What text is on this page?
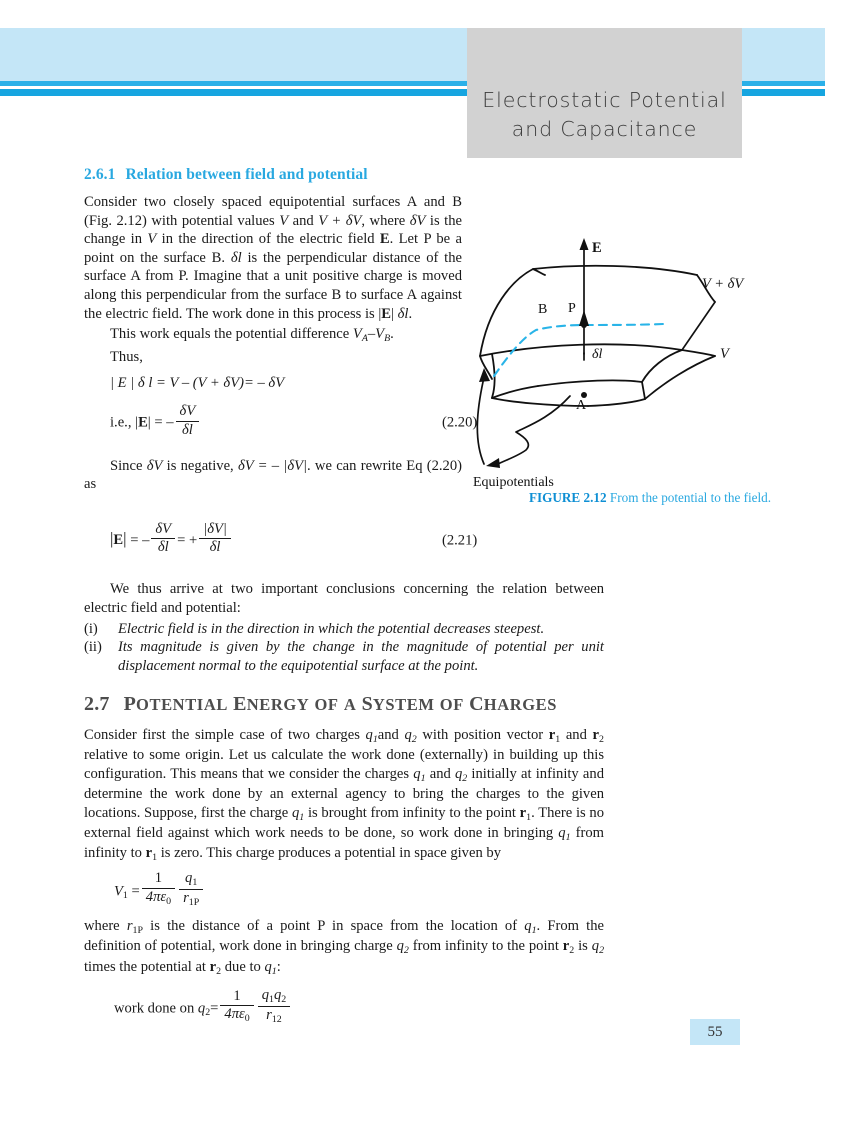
Electrostatic Potential
and Capacitance
2.6.1 Relation between field and potential

Consider two closely spaced equipotential surfaces A and B (Fig. 2.12) with potential values V and V + δV, where δV is the change in V in the direction of the electric field E. Let P be a point on the surface B. δl is the perpendicular distance of the surface A from P. Imagine that a unit positive charge is moved along this perpendicular from the surface B to surface A against the electric field. The work done in this process is |E| δl.

This work equals the potential difference $V_A-V_B$.

Thus,

| E | δ l = V – (V + δV)= – δV
i.e., |E| = – $\frac{\delta V}{\delta l}$	(2.20)

Since δV is negative, δV = – |δV|. we can rewrite Eq (2.20) as

|E| = – $\frac{\delta V}{\delta l}$ = + $\frac{|\delta V|}{\delta l}$	(2.21)

We thus arrive at two important conclusions concerning the relation between electric field and potential:

(i) Electric field is in the direction in which the potential decreases steepest.
(ii) Its magnitude is given by the change in the magnitude of potential per unit displacement normal to the equipotential surface at the point.
2.7 POTENTIAL ENERGY OF A SYSTEM OF CHARGES

Consider first the simple case of two charges $q_1and$ $q_2$ with position vector $r_1$ and $r_2$ relative to some origin. Let us calculate the work done (externally) in building up this configuration. This means that we consider the charges $q_1$ and $q_2$ initially at infinity and determine the work done by an external agency to bring the charges to the given locations. Suppose, first the charge $q_1$ is brought from infinity to the point $r_1$. There is no external field against which work needs to be done, so work done in bringing $q_1$ from infinity to $r_1$ is zero. This charge produces a potential in space given by

$V_1 = \frac{1}{4\pi\varepsilon_0} \frac{q_1}{r_{1P}}$

where $r_{1P}$ is the distance of a point P in space from the location of $q_1$. From the definition of potential, work done in bringing charge $q_2$ from infinity to the point $r_2$ is $q_2$ times the potential at $r_2$ due to $q_1$:

work done on $q_2= \frac{1}{4\pi\varepsilon_0} \frac{q_1q_2}{r_{12}}$
E
P
B
A
δl
V + δV
V
Equipotentials
FIGURE 2.12 From the potential to the field.
55
